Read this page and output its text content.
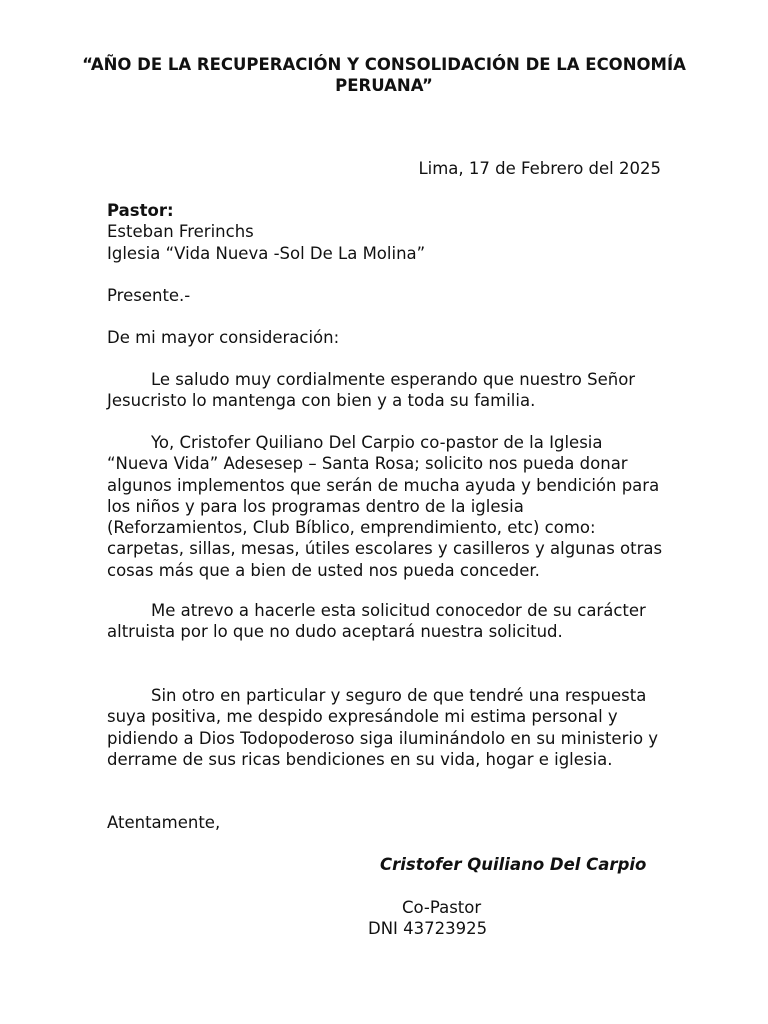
“AÑO DE LA RECUPERACIÓN Y CONSOLIDACIÓN DE LA ECONOMÍA PERUANA”
Lima, 17 de Febrero del 2025

Pastor:

Esteban Frerinchs

Iglesia “Vida Nueva -Sol De La Molina”

Presente.-
De mi mayor consideración:

Le saludo muy cordialmente esperando que nuestro Señor Jesucristo lo mantenga con bien y a toda su familia.

Yo, Cristofer Quiliano Del Carpio co-pastor de la Iglesia “Nueva Vida” Adesesep – Santa Rosa; solicito nos pueda donar algunos implementos que serán de mucha ayuda y bendición para los niños y para los programas dentro de la iglesia (Reforzamientos, Club Bíblico, emprendimiento, etc) como: carpetas, sillas, mesas, útiles escolares y casilleros y algunas otras cosas más que a bien de usted nos pueda conceder.

Me atrevo a hacerle esta solicitud conocedor de su carácter altruista por lo que no dudo aceptará nuestra solicitud.

Sin otro en particular y seguro de que tendré una respuesta suya positiva, me despido expresándole mi estima personal y pidiendo a Dios Todopoderoso siga iluminándolo en su ministerio y derrame de sus ricas bendiciones en su vida, hogar e iglesia.

Atentamente,
Cristofer Quiliano Del Carpio
Co-Pastor
DNI 43723925
